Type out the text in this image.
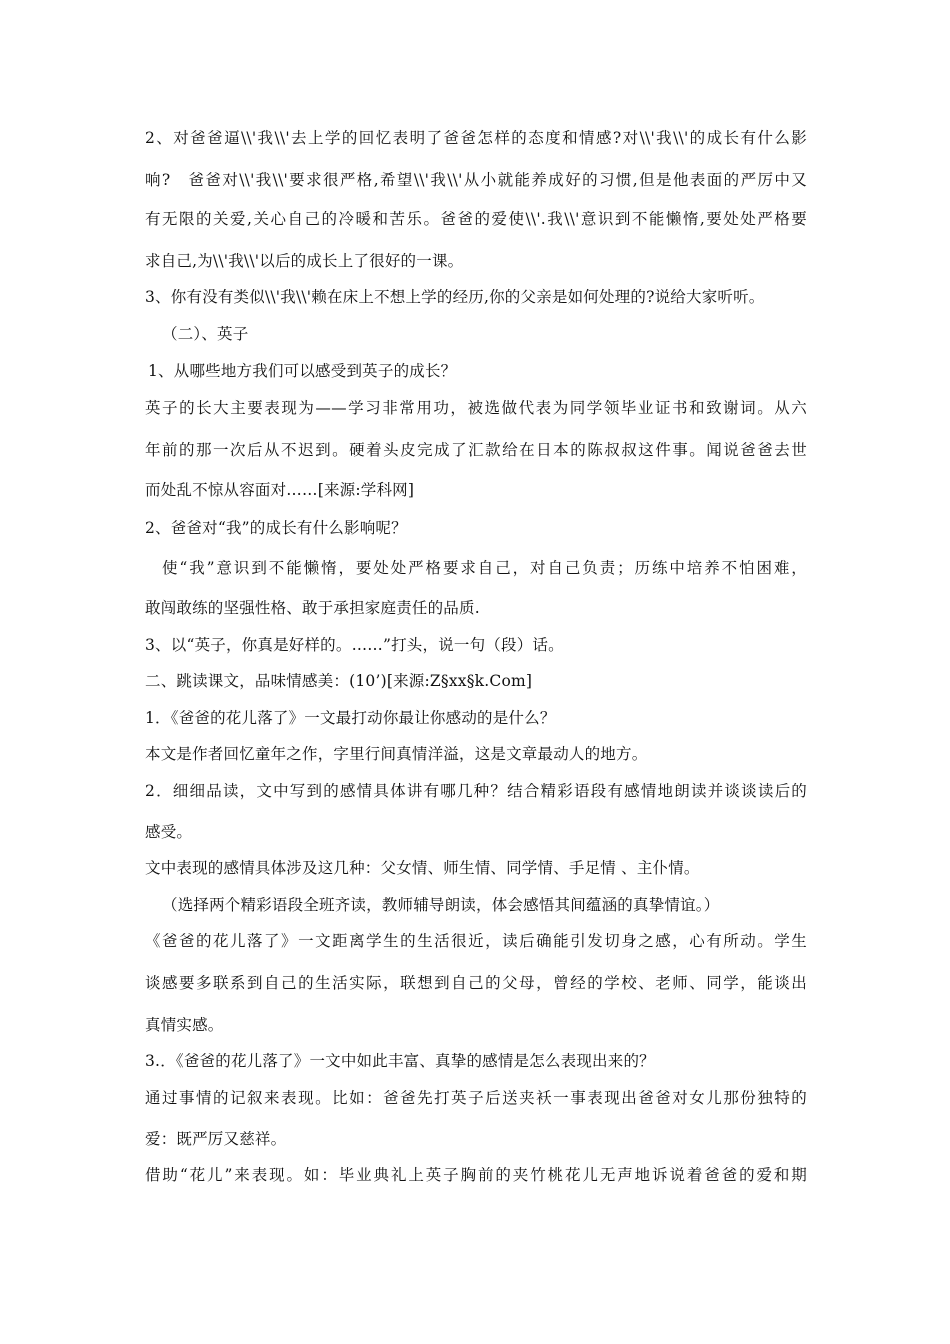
2、对爸爸逼\\'我\\'去上学的回忆表明了爸爸怎样的态度和情感?对\\'我\\'的成长有什么影
响?　爸爸对\\'我\\'要求很严格,希望\\'我\\'从小就能养成好的习惯,但是他表面的严厉中又
有无限的关爱,关心自己的冷暖和苦乐。爸爸的爱使\\'.我\\'意识到不能懒惰,要处处严格要
求自己,为\\'我\\'以后的成长上了很好的一课。
3、你有没有类似\\'我\\'赖在床上不想上学的经历,你的父亲是如何处理的?说给大家听听。
（二）、英子
1、从哪些地方我们可以感受到英子的成长？
英子的长大主要表现为——学习非常用功，被选做代表为同学领毕业证书和致谢词。从六
年前的那一次后从不迟到。硬着头皮完成了汇款给在日本的陈叔叔这件事。闻说爸爸去世
而处乱不惊从容面对……[来源:学科网]
2、爸爸对“我”的成长有什么影响呢？
使“我”意识到不能懒惰，要处处严格要求自己，对自己负责；历练中培养不怕困难，
敢闯敢练的坚强性格、敢于承担家庭责任的品质.
3、以“英子，你真是好样的。……”打头，说一句（段）话。
二、跳读课文，品味情感美：(10’)[来源:Z§xx§k.Com]
1．《爸爸的花儿落了》一文最打动你最让你感动的是什么？
本文是作者回忆童年之作，字里行间真情洋溢，这是文章最动人的地方。
2．细细品读，文中写到的感情具体讲有哪几种？结合精彩语段有感情地朗读并谈谈读后的
感受。
文中表现的感情具体涉及这几种：父女情、师生情、同学情、手足情 、主仆情。
（选择两个精彩语段全班齐读，教师辅导朗读，体会感悟其间蕴涵的真挚情谊。）
《爸爸的花儿落了》一文距离学生的生活很近，读后确能引发切身之感，心有所动。学生
谈感要多联系到自己的生活实际，联想到自己的父母，曾经的学校、老师、同学，能谈出
真情实感。
3.．《爸爸的花儿落了》一文中如此丰富、真挚的感情是怎么表现出来的？
通过事情的记叙来表现。比如：爸爸先打英子后送夹袄一事表现出爸爸对女儿那份独特的
爱：既严厉又慈祥。
借助“花儿”来表现。如：毕业典礼上英子胸前的夹竹桃花儿无声地诉说着爸爸的爱和期
